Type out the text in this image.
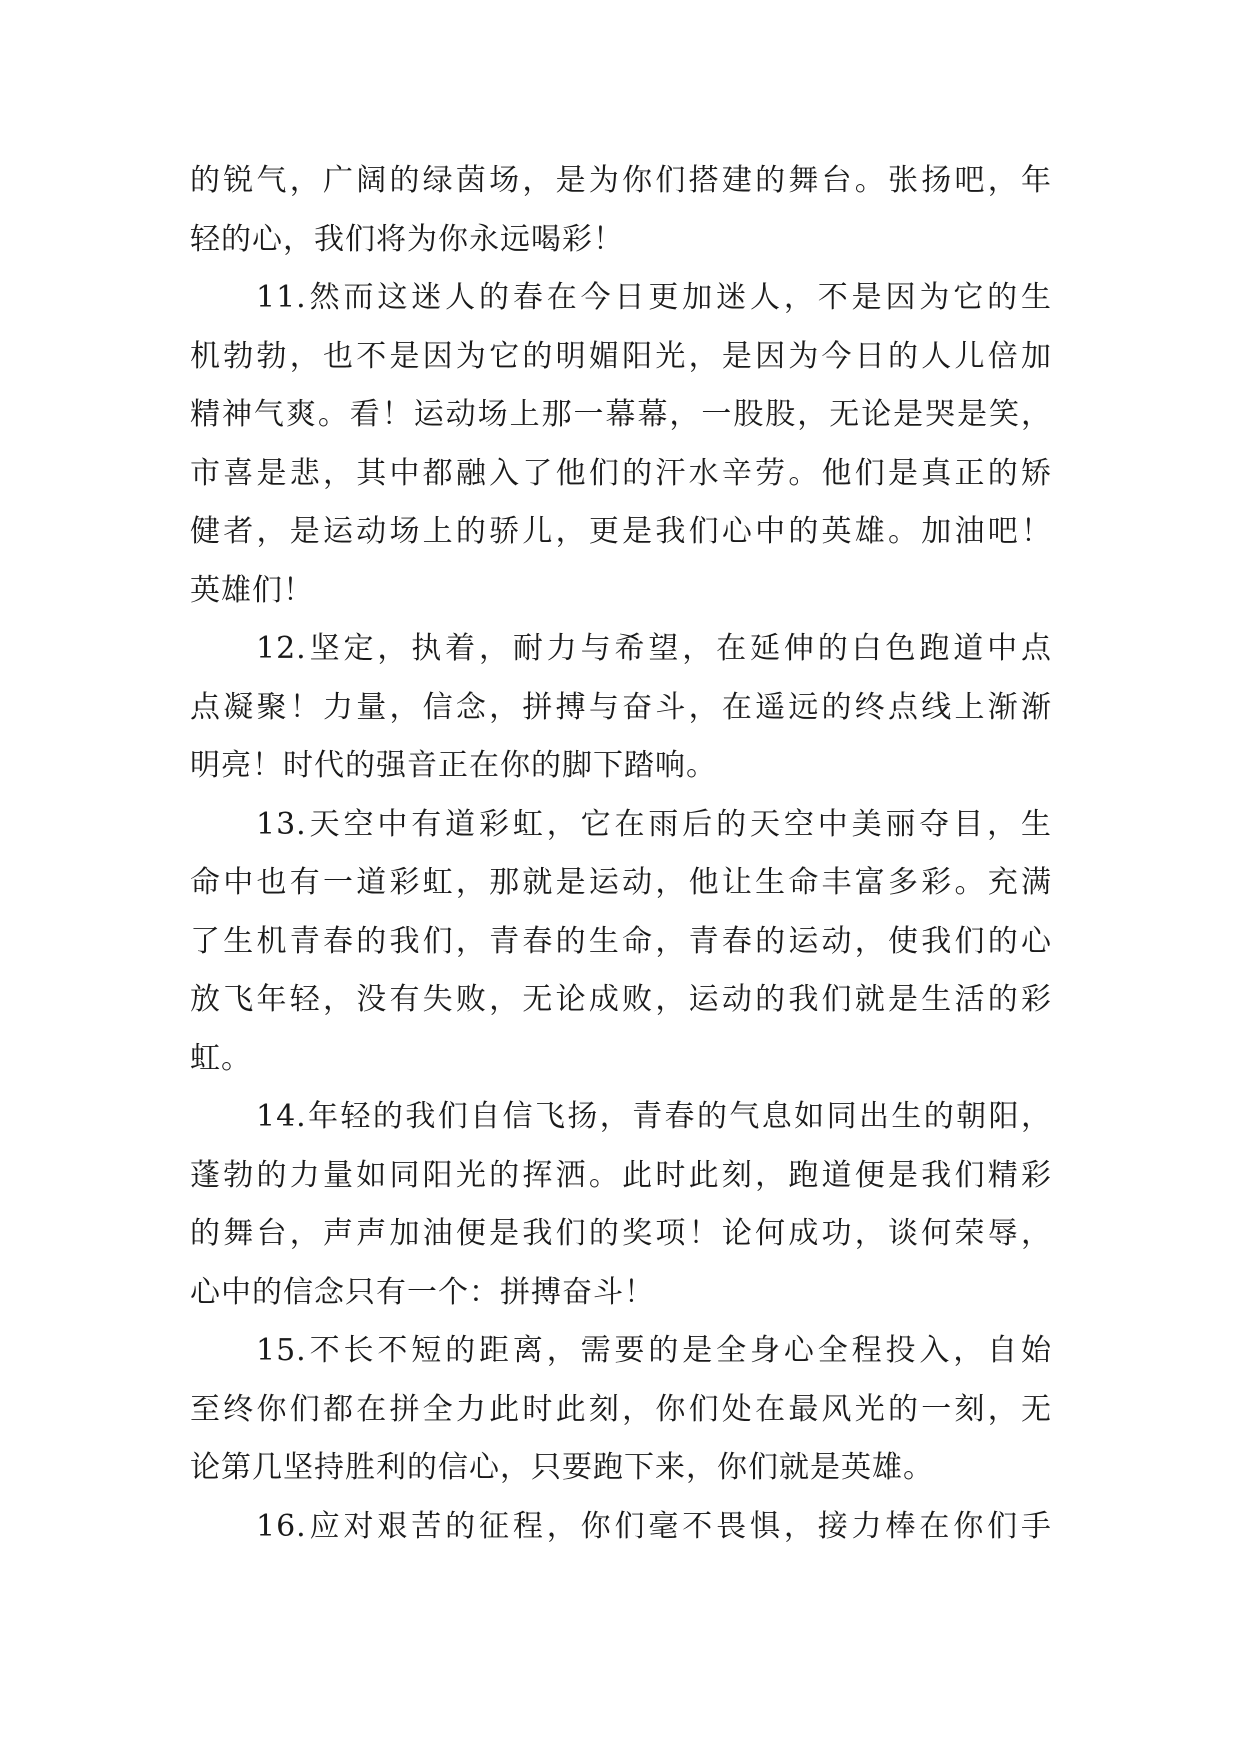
的锐气，广阔的绿茵场，是为你们搭建的舞台。张扬吧，年
轻的心，我们将为你永远喝彩！
11.然而这迷人的春在今日更加迷人，不是因为它的生
机勃勃，也不是因为它的明媚阳光，是因为今日的人儿倍加
精神气爽。看！运动场上那一幕幕，一股股，无论是哭是笑，
市喜是悲，其中都融入了他们的汗水辛劳。他们是真正的矫
健者，是运动场上的骄儿，更是我们心中的英雄。加油吧！
英雄们！
12.坚定，执着，耐力与希望，在延伸的白色跑道中点
点凝聚！力量，信念，拼搏与奋斗，在遥远的终点线上渐渐
明亮！时代的强音正在你的脚下踏响。
13.天空中有道彩虹，它在雨后的天空中美丽夺目，生
命中也有一道彩虹，那就是运动，他让生命丰富多彩。充满
了生机青春的我们，青春的生命，青春的运动，使我们的心
放飞年轻，没有失败，无论成败，运动的我们就是生活的彩
虹。
14.年轻的我们自信飞扬，青春的气息如同出生的朝阳，
蓬勃的力量如同阳光的挥洒。此时此刻，跑道便是我们精彩
的舞台，声声加油便是我们的奖项！论何成功，谈何荣辱，
心中的信念只有一个：拼搏奋斗！
15.不长不短的距离，需要的是全身心全程投入，自始
至终你们都在拼全力此时此刻，你们处在最风光的一刻，无
论第几坚持胜利的信心，只要跑下来，你们就是英雄。
16.应对艰苦的征程，你们毫不畏惧，接力棒在你们手
